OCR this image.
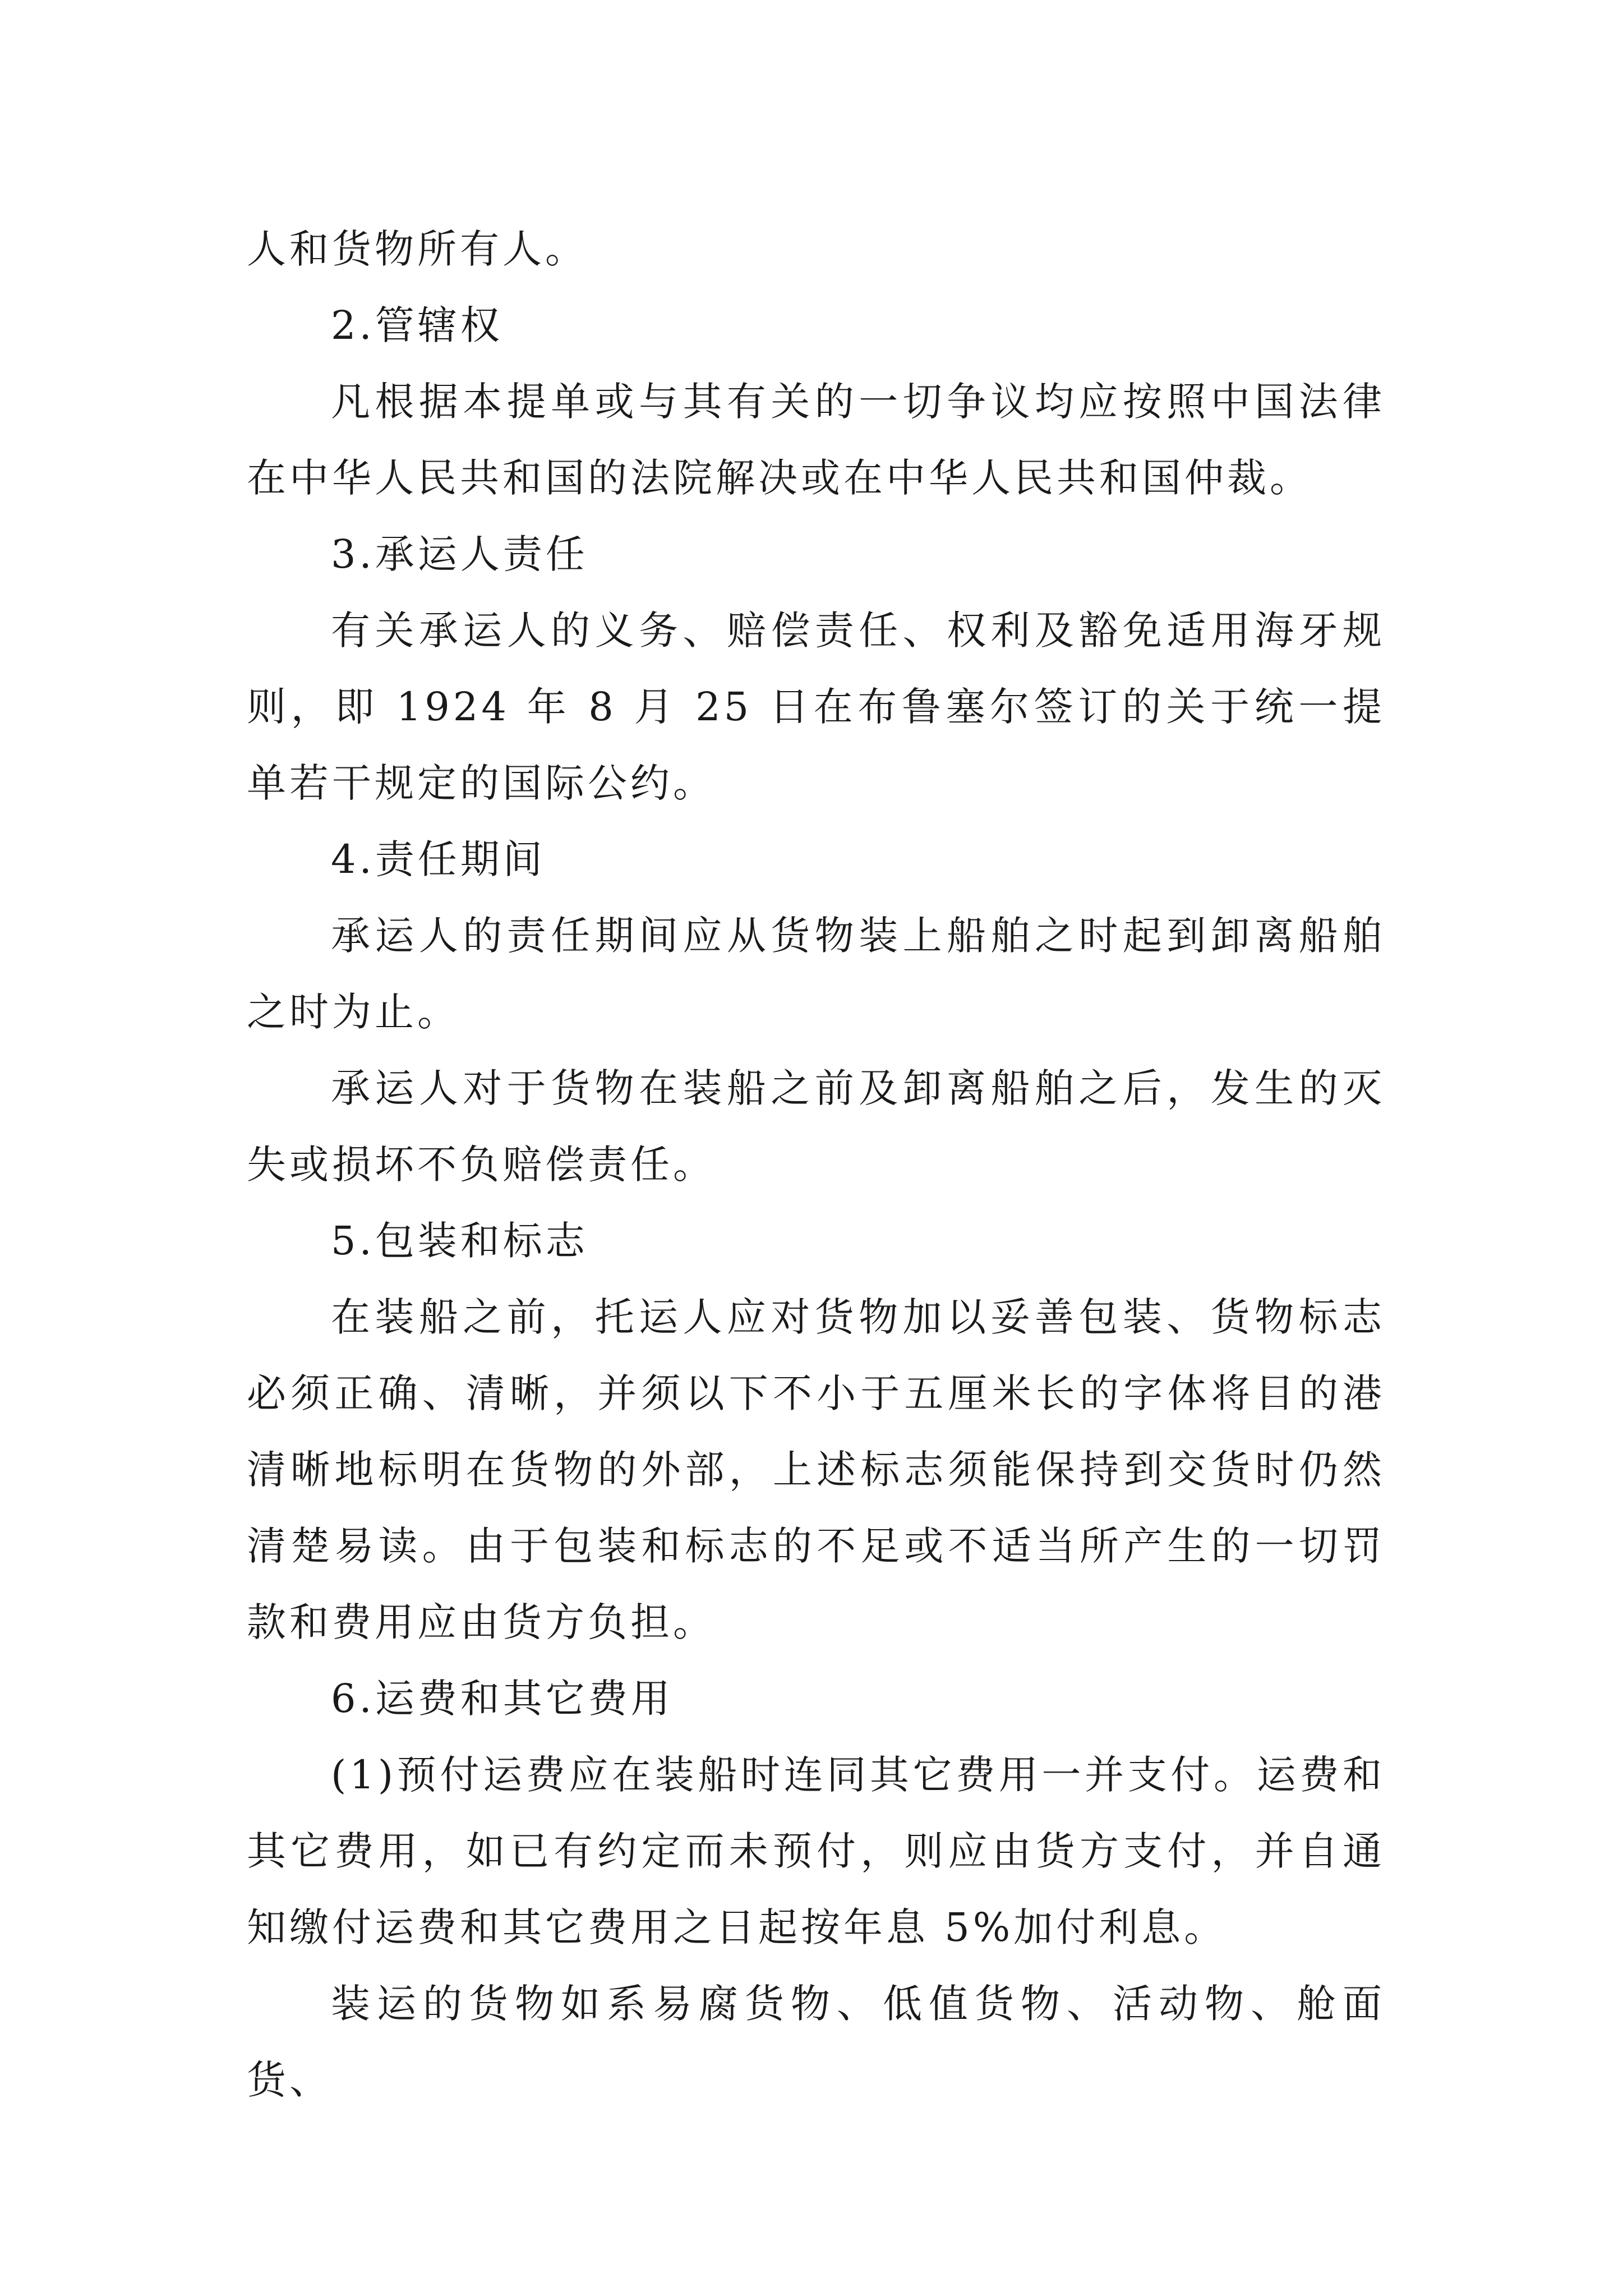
人和货物所有人。

2.管辖权

凡根据本提单或与其有关的一切争议均应按照中国法律在中华人民共和国的法院解决或在中华人民共和国仲裁。

3.承运人责任

有关承运人的义务、赔偿责任、权利及豁免适用海牙规则，即 1924 年 8 月 25 日在布鲁塞尔签订的关于统一提单若干规定的国际公约。

4.责任期间

承运人的责任期间应从货物装上船舶之时起到卸离船舶之时为止。

承运人对于货物在装船之前及卸离船舶之后，发生的灭失或损坏不负赔偿责任。

5.包装和标志

在装船之前，托运人应对货物加以妥善包装、货物标志必须正确、清晰，并须以下不小于五厘米长的字体将目的港清晰地标明在货物的外部，上述标志须能保持到交货时仍然清楚易读。由于包装和标志的不足或不适当所产生的一切罚款和费用应由货方负担。

6.运费和其它费用

(1)预付运费应在装船时连同其它费用一并支付。运费和其它费用，如已有约定而未预付，则应由货方支付，并自通知缴付运费和其它费用之日起按年息 5%加付利息。

装运的货物如系易腐货物、低值货物、活动物、舱面货、
